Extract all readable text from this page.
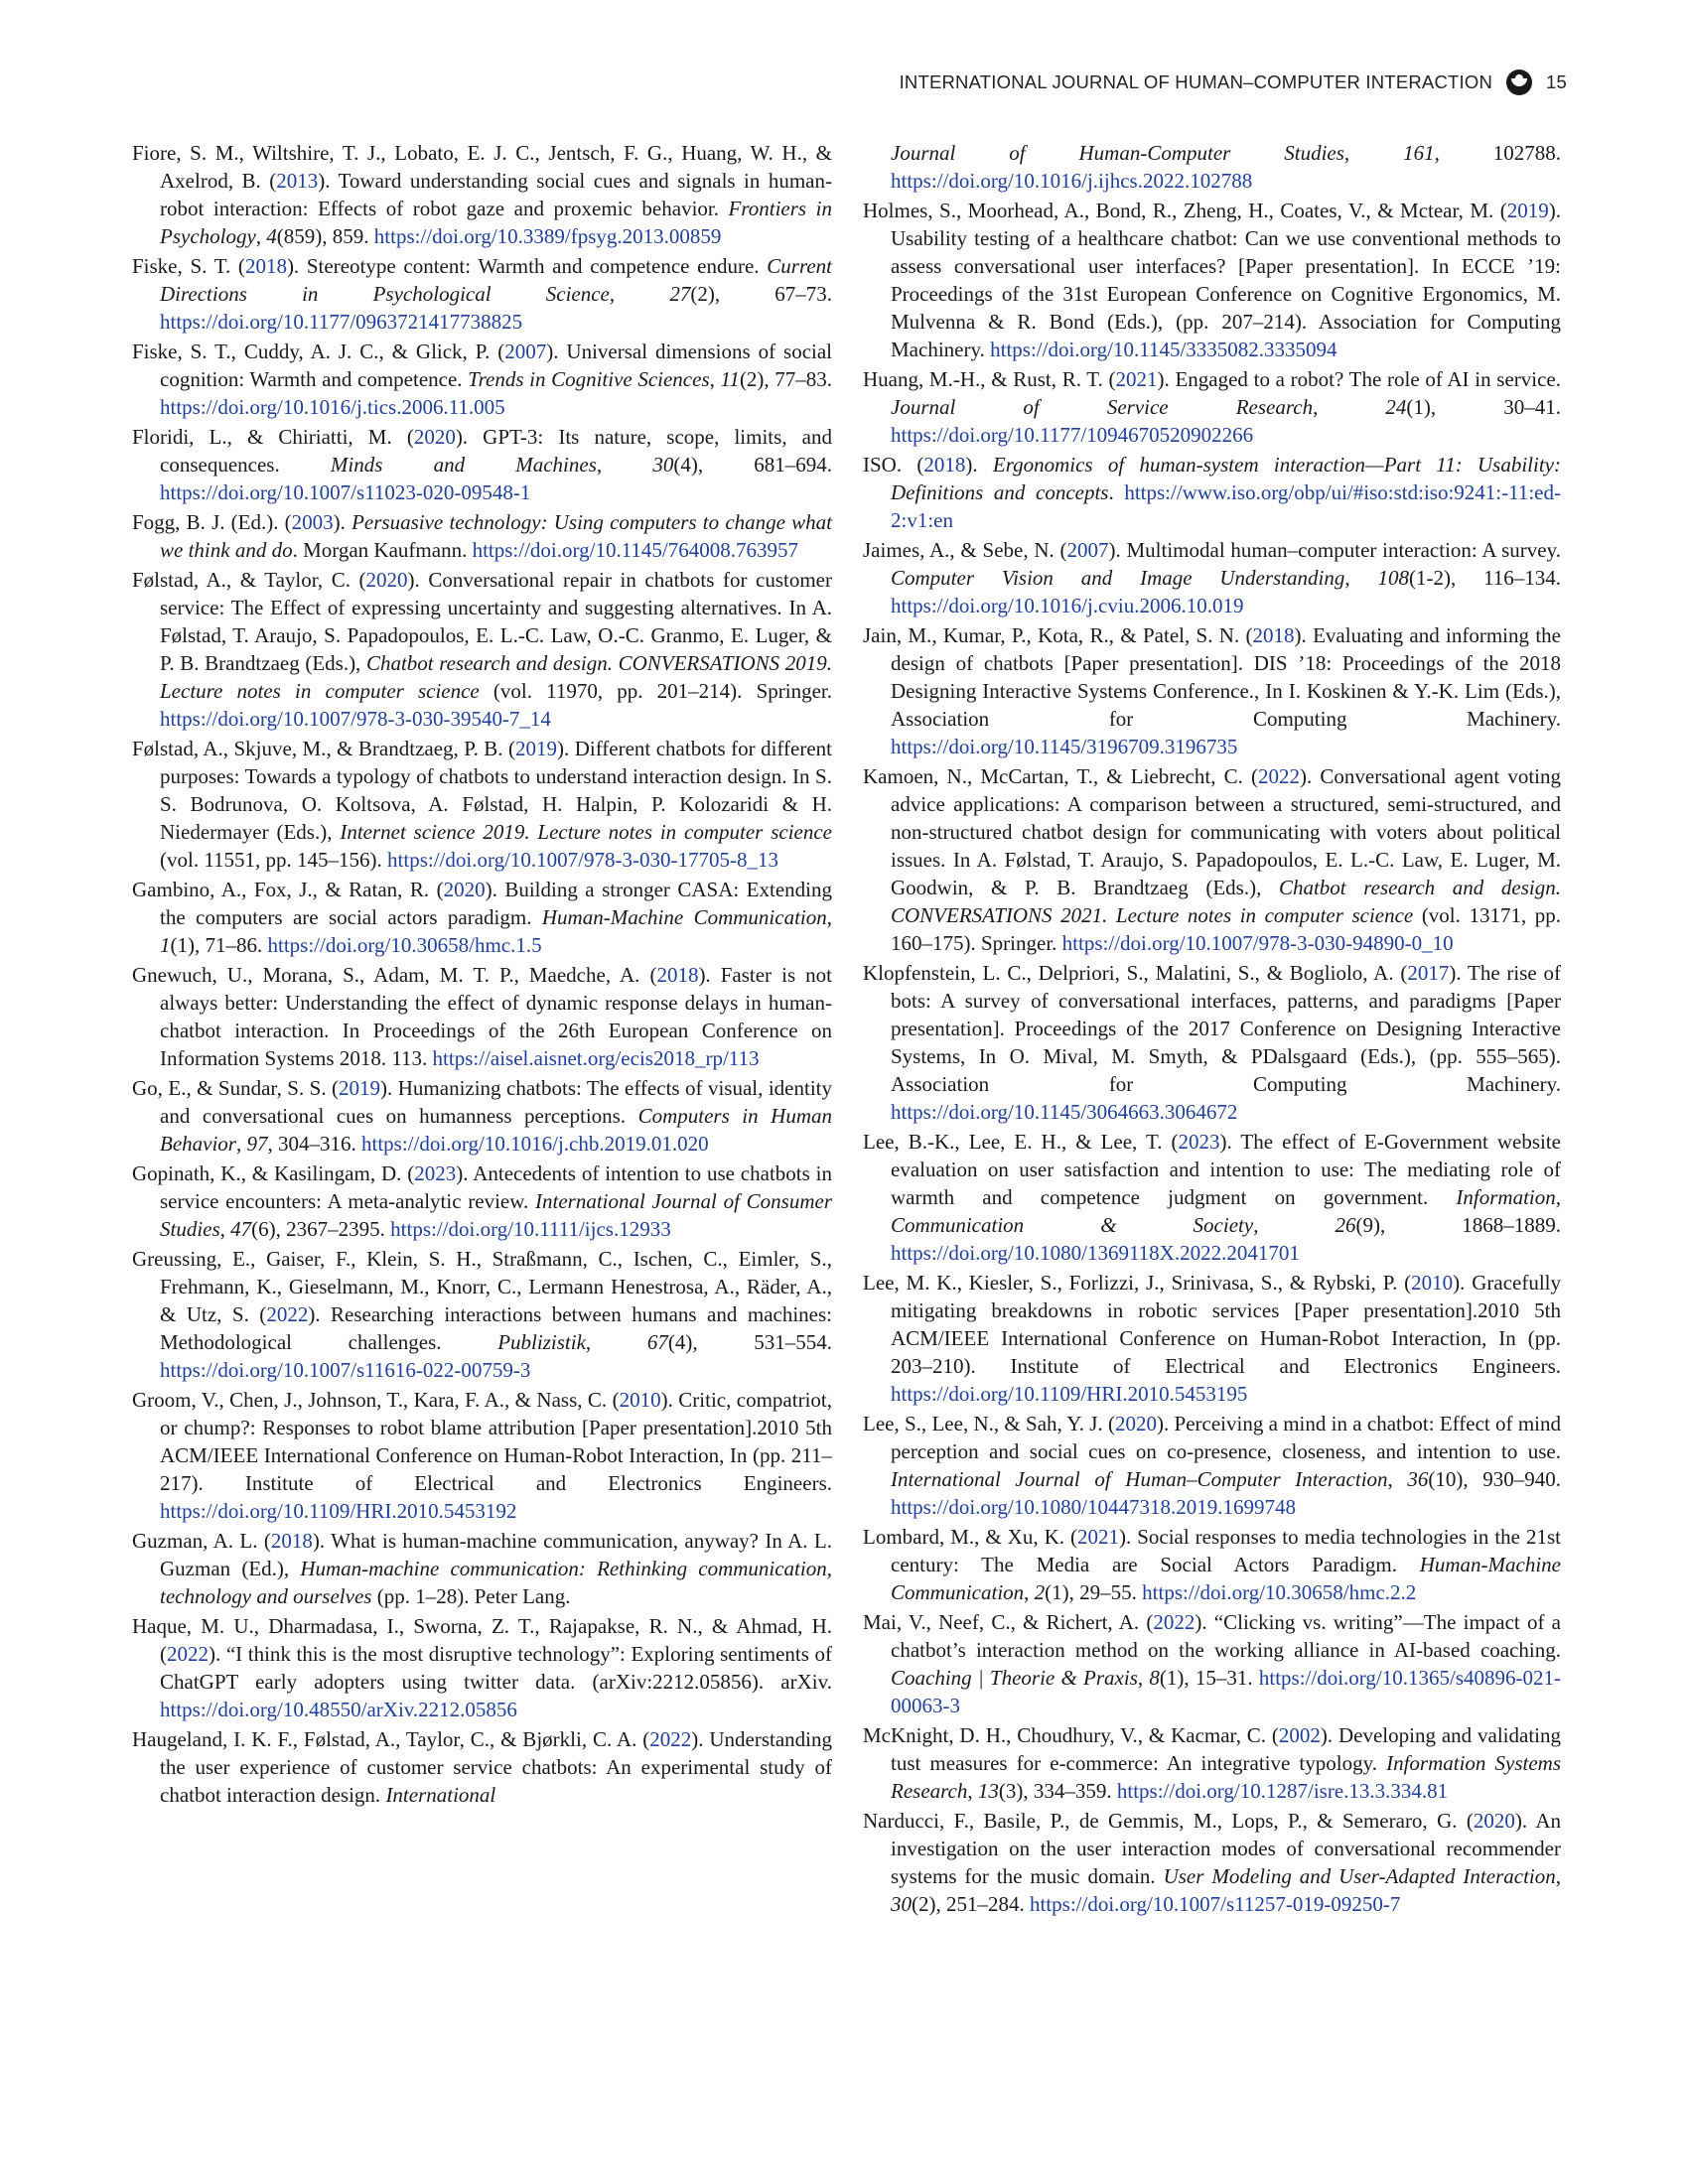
INTERNATIONAL JOURNAL OF HUMAN–COMPUTER INTERACTION	15

Fiore, S. M., Wiltshire, T. J., Lobato, E. J. C., Jentsch, F. G., Huang, W. H., & Axelrod, B. (2013). Toward understanding social cues and signals in human-robot interaction: Effects of robot gaze and proxemic behavior. Frontiers in Psychology, 4(859), 859. https://doi.org/10.3389/fpsyg.2013.00859

Fiske, S. T. (2018). Stereotype content: Warmth and competence endure. Current Directions in Psychological Science, 27(2), 67–73. https://doi.org/10.1177/0963721417738825

Fiske, S. T., Cuddy, A. J. C., & Glick, P. (2007). Universal dimensions of social cognition: Warmth and competence. Trends in Cognitive Sciences, 11(2), 77–83. https://doi.org/10.1016/j.tics.2006.11.005

Floridi, L., & Chiriatti, M. (2020). GPT-3: Its nature, scope, limits, and consequences. Minds and Machines, 30(4), 681–694. https://doi.org/10.1007/s11023-020-09548-1

Fogg, B. J. (Ed.). (2003). Persuasive technology: Using computers to change what we think and do. Morgan Kaufmann. https://doi.org/10.1145/764008.763957

Følstad, A., & Taylor, C. (2020). Conversational repair in chatbots for customer service: The Effect of expressing uncertainty and suggesting alternatives. In A. Følstad, T. Araujo, S. Papadopoulos, E. L.-C. Law, O.-C. Granmo, E. Luger, & P. B. Brandtzaeg (Eds.), Chatbot research and design. CONVERSATIONS 2019. Lecture notes in computer science (vol. 11970, pp. 201–214). Springer. https://doi.org/10.1007/978-3-030-39540-7_14

Følstad, A., Skjuve, M., & Brandtzaeg, P. B. (2019). Different chatbots for different purposes: Towards a typology of chatbots to understand interaction design. In S. S. Bodrunova, O. Koltsova, A. Følstad, H. Halpin, P. Kolozaridi & H. Niedermayer (Eds.), Internet science 2019. Lecture notes in computer science (vol. 11551, pp. 145–156). https://doi.org/10.1007/978-3-030-17705-8_13

Gambino, A., Fox, J., & Ratan, R. (2020). Building a stronger CASA: Extending the computers are social actors paradigm. Human-Machine Communication, 1(1), 71–86. https://doi.org/10.30658/hmc.1.5

Gnewuch, U., Morana, S., Adam, M. T. P., Maedche, A. (2018). Faster is not always better: Understanding the effect of dynamic response delays in human-chatbot interaction. In Proceedings of the 26th European Conference on Information Systems 2018. 113. https://aisel.aisnet.org/ecis2018_rp/113

Go, E., & Sundar, S. S. (2019). Humanizing chatbots: The effects of visual, identity and conversational cues on humanness perceptions. Computers in Human Behavior, 97, 304–316. https://doi.org/10.1016/j.chb.2019.01.020

Gopinath, K., & Kasilingam, D. (2023). Antecedents of intention to use chatbots in service encounters: A meta-analytic review. International Journal of Consumer Studies, 47(6), 2367–2395. https://doi.org/10.1111/ijcs.12933

Greussing, E., Gaiser, F., Klein, S. H., Straßmann, C., Ischen, C., Eimler, S., Frehmann, K., Gieselmann, M., Knorr, C., Lermann Henestrosa, A., Räder, A., & Utz, S. (2022). Researching interactions between humans and machines: Methodological challenges. Publizistik, 67(4), 531–554. https://doi.org/10.1007/s11616-022-00759-3

Groom, V., Chen, J., Johnson, T., Kara, F. A., & Nass, C. (2010). Critic, compatriot, or chump?: Responses to robot blame attribution [Paper presentation].2010 5th ACM/IEEE International Conference on Human-Robot Interaction, In (pp. 211–217). Institute of Electrical and Electronics Engineers. https://doi.org/10.1109/HRI.2010.5453192

Guzman, A. L. (2018). What is human-machine communication, anyway? In A. L. Guzman (Ed.), Human-machine communication: Rethinking communication, technology and ourselves (pp. 1–28). Peter Lang.

Haque, M. U., Dharmadasa, I., Sworna, Z. T., Rajapakse, R. N., & Ahmad, H. (2022). “I think this is the most disruptive technology”: Exploring sentiments of ChatGPT early adopters using twitter data. (arXiv:2212.05856). arXiv. https://doi.org/10.48550/arXiv.2212.05856

Haugeland, I. K. F., Følstad, A., Taylor, C., & Bjørkli, C. A. (2022). Understanding the user experience of customer service chatbots: An experimental study of chatbot interaction design. International

Journal of Human-Computer Studies, 161, 102788. https://doi.org/10.1016/j.ijhcs.2022.102788

Holmes, S., Moorhead, A., Bond, R., Zheng, H., Coates, V., & Mctear, M. (2019). Usability testing of a healthcare chatbot: Can we use conventional methods to assess conversational user interfaces? [Paper presentation]. In ECCE ’19: Proceedings of the 31st European Conference on Cognitive Ergonomics, M. Mulvenna & R. Bond (Eds.), (pp. 207–214). Association for Computing Machinery. https://doi.org/10.1145/3335082.3335094

Huang, M.-H., & Rust, R. T. (2021). Engaged to a robot? The role of AI in service. Journal of Service Research, 24(1), 30–41. https://doi.org/10.1177/1094670520902266

ISO. (2018). Ergonomics of human-system interaction—Part 11: Usability: Definitions and concepts. https://www.iso.org/obp/ui/#iso:std:iso:9241:-11:ed-2:v1:en

Jaimes, A., & Sebe, N. (2007). Multimodal human–computer interaction: A survey. Computer Vision and Image Understanding, 108(1-2), 116–134. https://doi.org/10.1016/j.cviu.2006.10.019

Jain, M., Kumar, P., Kota, R., & Patel, S. N. (2018). Evaluating and informing the design of chatbots [Paper presentation]. DIS ’18: Proceedings of the 2018 Designing Interactive Systems Conference., In I. Koskinen & Y.-K. Lim (Eds.), Association for Computing Machinery. https://doi.org/10.1145/3196709.3196735

Kamoen, N., McCartan, T., & Liebrecht, C. (2022). Conversational agent voting advice applications: A comparison between a structured, semi-structured, and non-structured chatbot design for communicating with voters about political issues. In A. Følstad, T. Araujo, S. Papadopoulos, E. L.-C. Law, E. Luger, M. Goodwin, & P. B. Brandtzaeg (Eds.), Chatbot research and design. CONVERSATIONS 2021. Lecture notes in computer science (vol. 13171, pp. 160–175). Springer. https://doi.org/10.1007/978-3-030-94890-0_10

Klopfenstein, L. C., Delpriori, S., Malatini, S., & Bogliolo, A. (2017). The rise of bots: A survey of conversational interfaces, patterns, and paradigms [Paper presentation]. Proceedings of the 2017 Conference on Designing Interactive Systems, In O. Mival, M. Smyth, & PDalsgaard (Eds.), (pp. 555–565). Association for Computing Machinery. https://doi.org/10.1145/3064663.3064672

Lee, B.-K., Lee, E. H., & Lee, T. (2023). The effect of E-Government website evaluation on user satisfaction and intention to use: The mediating role of warmth and competence judgment on government. Information, Communication & Society, 26(9), 1868–1889. https://doi.org/10.1080/1369118X.2022.2041701

Lee, M. K., Kiesler, S., Forlizzi, J., Srinivasa, S., & Rybski, P. (2010). Gracefully mitigating breakdowns in robotic services [Paper presentation].2010 5th ACM/IEEE International Conference on Human-Robot Interaction, In (pp. 203–210). Institute of Electrical and Electronics Engineers. https://doi.org/10.1109/HRI.2010.5453195

Lee, S., Lee, N., & Sah, Y. J. (2020). Perceiving a mind in a chatbot: Effect of mind perception and social cues on co-presence, closeness, and intention to use. International Journal of Human–Computer Interaction, 36(10), 930–940. https://doi.org/10.1080/10447318.2019.1699748

Lombard, M., & Xu, K. (2021). Social responses to media technologies in the 21st century: The Media are Social Actors Paradigm. Human-Machine Communication, 2(1), 29–55. https://doi.org/10.30658/hmc.2.2

Mai, V., Neef, C., & Richert, A. (2022). “Clicking vs. writing”—The impact of a chatbot’s interaction method on the working alliance in AI-based coaching. Coaching | Theorie & Praxis, 8(1), 15–31. https://doi.org/10.1365/s40896-021-00063-3

McKnight, D. H., Choudhury, V., & Kacmar, C. (2002). Developing and validating tust measures for e-commerce: An integrative typology. Information Systems Research, 13(3), 334–359. https://doi.org/10.1287/isre.13.3.334.81

Narducci, F., Basile, P., de Gemmis, M., Lops, P., & Semeraro, G. (2020). An investigation on the user interaction modes of conversational recommender systems for the music domain. User Modeling and User-Adapted Interaction, 30(2), 251–284. https://doi.org/10.1007/s11257-019-09250-7
